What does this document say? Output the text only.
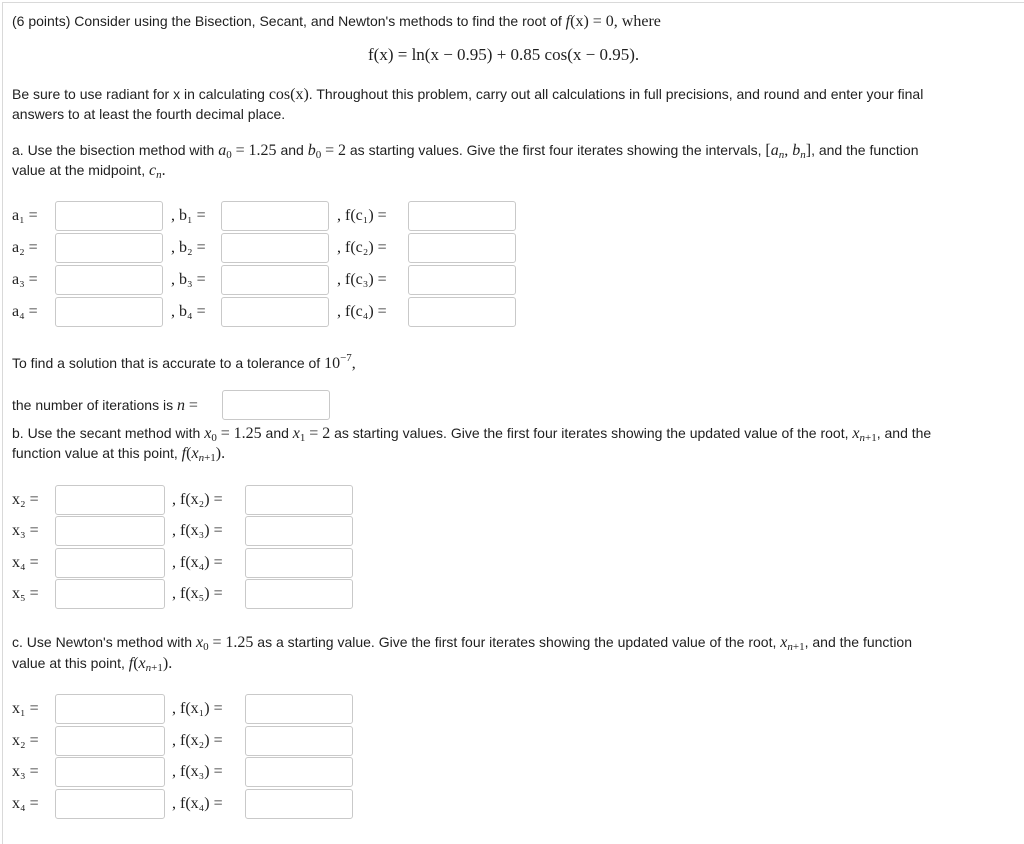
(6 points) Consider using the Bisection, Secant, and Newton's methods to find the root of f(x) = 0, where
f(x) = ln(x − 0.95) + 0.85 cos(x − 0.95).
Be sure to use radiant for x in calculating cos(x). Throughout this problem, carry out all calculations in full precisions, and round and enter your final
answers to at least the fourth decimal place.
a. Use the bisection method with $a_0 = 1.25$ and $b_0 = 2$ as starting values. Give the first four iterates showing the intervals, [$a_n$, $b_n$], and the function
value at the midpoint, $c_n$.
a₁ =	, b₁ =	, f(c₁) =
a₂ =	, b₂ =	, f(c₂) =
a₃ =	, b₃ =	, f(c₃) =
a₄ =	, b₄ =	, f(c₄) =
To find a solution that is accurate to a tolerance of $10^{-7}$,
the number of iterations is n =
b. Use the secant method with $x_0 = 1.25$ and $x_1 = 2$ as starting values. Give the first four iterates showing the updated value of the root, $x_{n+1}$, and the
function value at this point, $f(x_{n+1})$.
x₂ =	, f(x₂) =
x₃ =	, f(x₃) =
x₄ =	, f(x₄) =
x₅ =	, f(x₅) =
c. Use Newton's method with $x_0 = 1.25$ as a starting value. Give the first four iterates showing the updated value of the root, $x_{n+1}$, and the function
value at this point, $f(x_{n+1})$.
x₁ =	, f(x₁) =
x₂ =	, f(x₂) =
x₃ =	, f(x₃) =
x₄ =	, f(x₄) =
